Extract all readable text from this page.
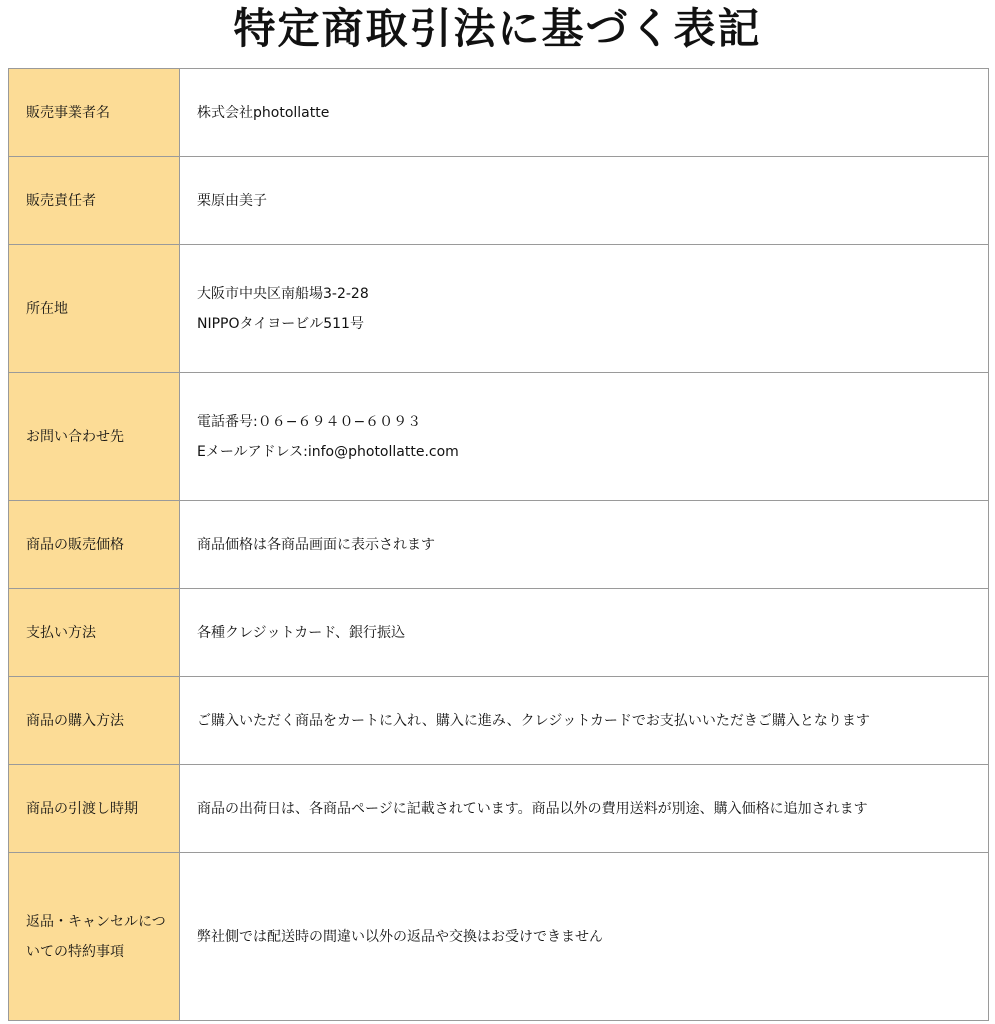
特定商取引法に基づく表記
販売事業者名	株式会社photollatte

販売責任者	栗原由美子

所在地	大阪市中央区南船場3-2-28
NIPPOタイヨービル511号

お問い合わせ先	電話番号:０６−６９４０−６０９３
Eメールアドレス:info@photollatte.com

商品の販売価格	商品価格は各商品画面に表示されます

支払い方法	各種クレジットカード、銀行振込

商品の購入方法	ご購入いただく商品をカートに入れ、購入に進み、クレジットカードでお支払いいただきご購入となります

商品の引渡し時期	商品の出荷日は、各商品ページに記載されています。商品以外の費用送料が別途、購入価格に追加されます

返品・キャンセルについての特約事項	弊社側では配送時の間違い以外の返品や交換はお受けできません
